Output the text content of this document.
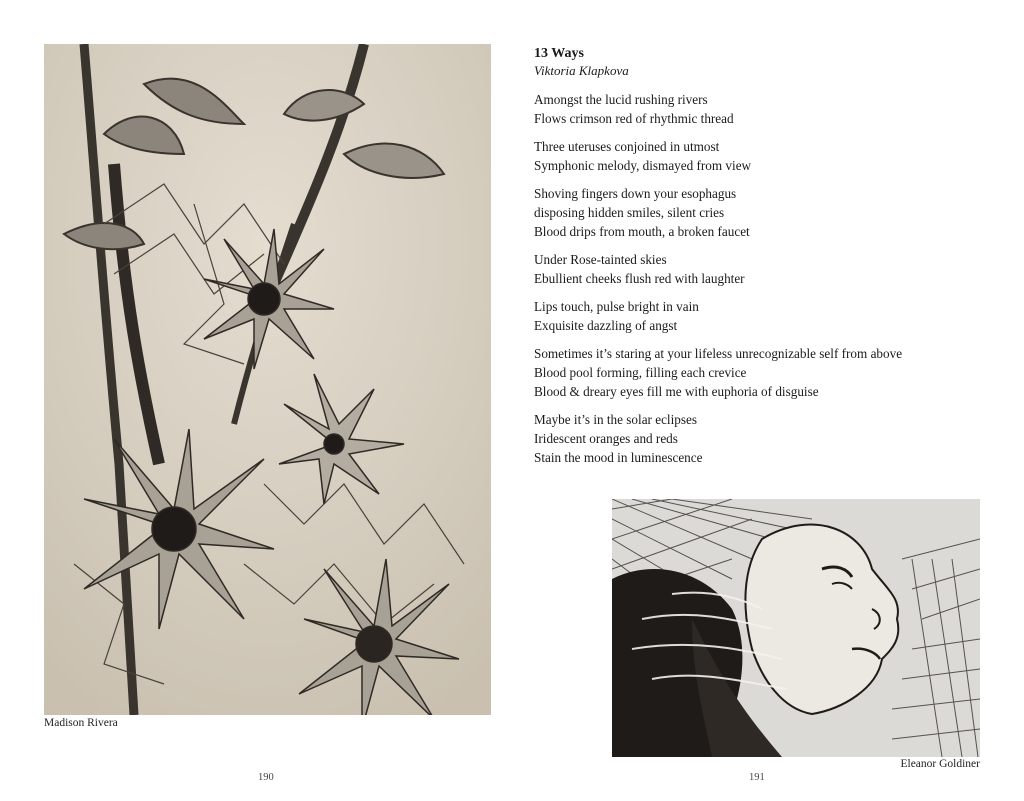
Madison Rivera
13 Ways
Viktoria Klapkova
Amongst the lucid rushing rivers
Flows crimson red of rhythmic thread
Three uteruses conjoined in utmost
Symphonic melody, dismayed from view
Shoving fingers down your esophagus
disposing hidden smiles, silent cries
Blood drips from mouth, a broken faucet
Under Rose-tainted skies
Ebullient cheeks flush red with laughter
Lips touch, pulse bright in vain
Exquisite dazzling of angst
Sometimes it’s staring at your lifeless unrecognizable self from above
Blood pool forming, filling each crevice
Blood & dreary eyes fill me with euphoria of disguise
Maybe it’s in the solar eclipses
Iridescent oranges and reds
Stain the mood in luminescence
Eleanor Goldiner
190	191
